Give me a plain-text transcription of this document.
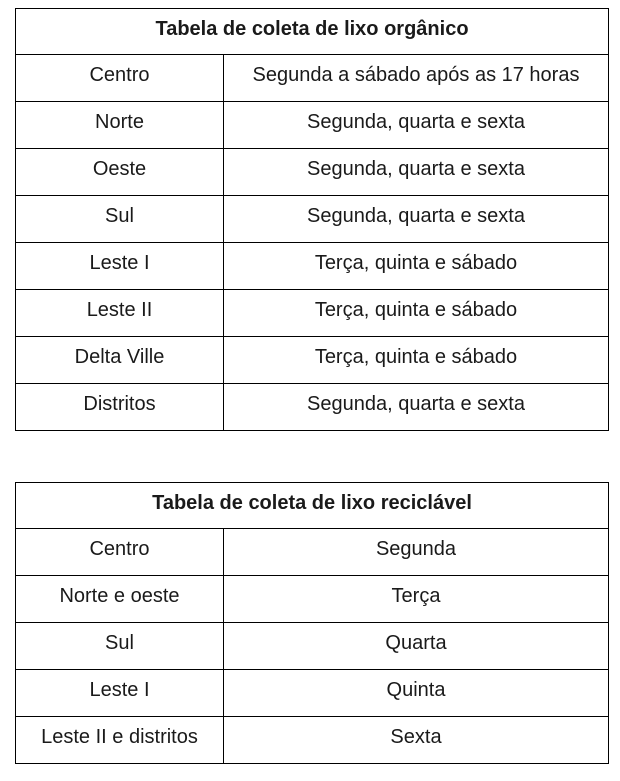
Tabela de coleta de lixo orgânico	
Centro	Segunda a sábado após as 17 horas
Norte	Segunda, quarta e sexta
Oeste	Segunda, quarta e sexta
Sul	Segunda, quarta e sexta
Leste I	Terça, quinta e sábado
Leste II	Terça, quinta e sábado
Delta Ville	Terça, quinta e sábado
Distritos	Segunda, quarta e sexta
Tabela de coleta de lixo reciclável	
Centro	Segunda
Norte e oeste	Terça
Sul	Quarta
Leste I	Quinta
Leste II e distritos	Sexta
